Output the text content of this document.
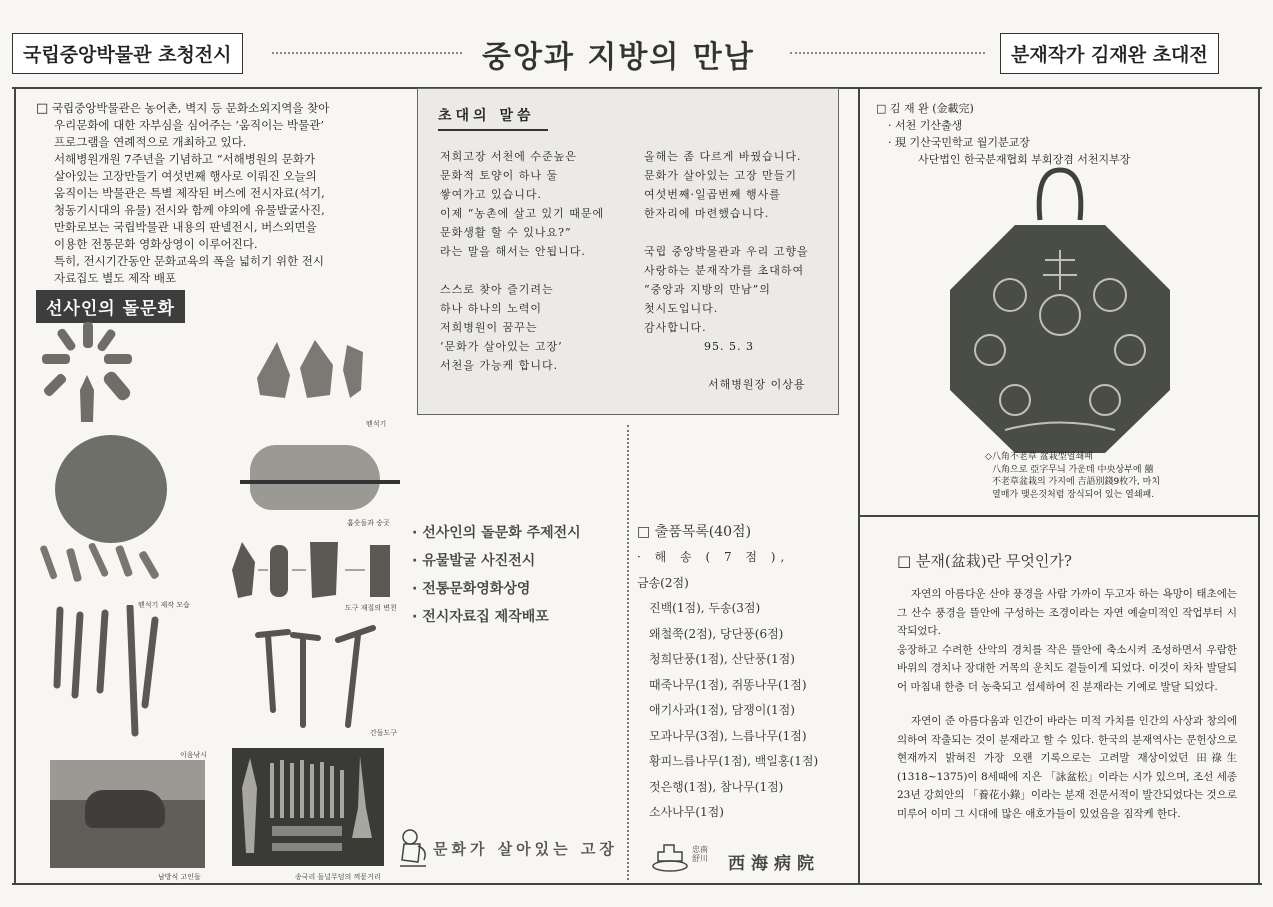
국립중앙박물관 초청전시	중앙과 지방의 만남	분재작가 김재완 초대전

□ 국립중앙박물관은 농어촌, 벽지 등 문화소외지역을 찾아

우리문화에 대한 자부심을 심어주는 ‘움직이는 박물관’

프로그램을 연례적으로 개최하고 있다.

서해병원개원 7주년을 기념하고 “서해병원의 문화가

살아있는 고장만들기 여섯번째 행사로 이뤄진 오늘의

움직이는 박물관은 특별 제작된 버스에 전시자료(석기,

청동기시대의 유물) 전시와 함께 야외에 유물발굴사진,

만화로보는 국립박물관 내용의 판넬전시, 버스외면을

이용한 전통문화 영화상영이 이루어진다.

특히, 전시기간동안 문화교육의 폭을 넓히기 위한 전시

자료집도 별도 제작 배포

초대의 말씀

저희고장 서천에 수준높은

문화적 토양이 하나 둘

쌓여가고 있습니다.

이제 “농촌에 살고 있기 때문에

문화생활 할 수 있나요?”

라는 말을 해서는 안됩니다.

스스로 찾아 즐기려는

하나 하나의 노력이

저희병원이 꿈꾸는

‘문화가 살아있는 고장’

서천을 가능케 합니다.

올해는 좀 다르게 바꿨습니다.

문화가 살아있는 고장 만들기

여섯번째·일곱번째 행사를

한자리에 마련했습니다.

국립 중앙박물관과 우리 고향을

사랑하는 분재작가를 초대하여

“중앙과 지방의 만남”의

첫시도입니다.

감사합니다.

95. 5. 3

서해병원장 이상용

선사인의 돌문화
뗀석기
뗀석기 제작 모습
홈숫돌과 숭곳
도구 재질의 변천
이음낚시
간돌도구
남방식 고인돌	송국리 돌널무덤의 껴묻거리

· 선사인의 돌문화 주제전시

· 유물발굴 사진전시

· 전통문화영화상영

· 전시자료집 제작배포

문화가 살아있는 고장
□ 출품목록(40점)

· 해 송 ( 7 점 ),

금송(2점)

진백(1점), 두송(3점)

왜철쭉(2점), 당단풍(6점)

청희단풍(1점), 산단풍(1점)

때죽나무(1점), 쥐똥나무(1점)

애기사과(1점), 담쟁이(1점)

모과나무(3점), 느릅나무(1점)

황피느릅나무(1점), 백일홍(1점)

젓은행(1점), 참나무(1점)

소사나무(1점)

忠南 舒川 西海病院

□ 김 재 완 (金載完)

· 서천 기산출생

· 現 기산국민학교 월기분교장

사단법인 한국분재협회 부회장겸 서천지부장

◇八角不老草 盆栽型열쇄패
八角으로 亞字무늬 가운데 中央상부에 囍
不老草盆栽의 가지에 吉語別錢9枚가, 마치
열매가 맺은것처럼 장식되어 있는 열쇄패.
□ 분재(盆栽)란 무엇인가?

자연의 아름다운 산야 풍경을 사람 가까이 두고자 하는 욕망이 태초에는 그 산수 풍경을 뜰안에 구성하는 조경이라는 자연 예술미적인 작업부터 시작되었다.

웅장하고 수려한 산악의 경치를 작은 뜰안에 축소시켜 조성하면서 우람한 바위의 경치나 장대한 거목의 운치도 곁들이게 되었다. 이것이 차차 발달되어 마침내 한층 더 농축되고 섬세하여 진 분재라는 기예로 발달 되었다.

자연이 준 아름다움과 인간이 바라는 미적 가치를 인간의 사상과 창의에 의하여 작출되는 것이 분재라고 할 수 있다. 한국의 분재역사는 문헌상으로 현재까지 밝혀진 가장 오랜 기록으로는 고려말 재상이었던 田祿生(1318~1375)이 8세때에 지은 「詠盆松」이라는 시가 있으며, 조선 세종 23년 강희안의 「養花小錄」이라는 분재 전문서적이 발간되었다는 것으로 미루어 이미 그 시대에 많은 애호가들이 있었음을 짐작케 한다.
